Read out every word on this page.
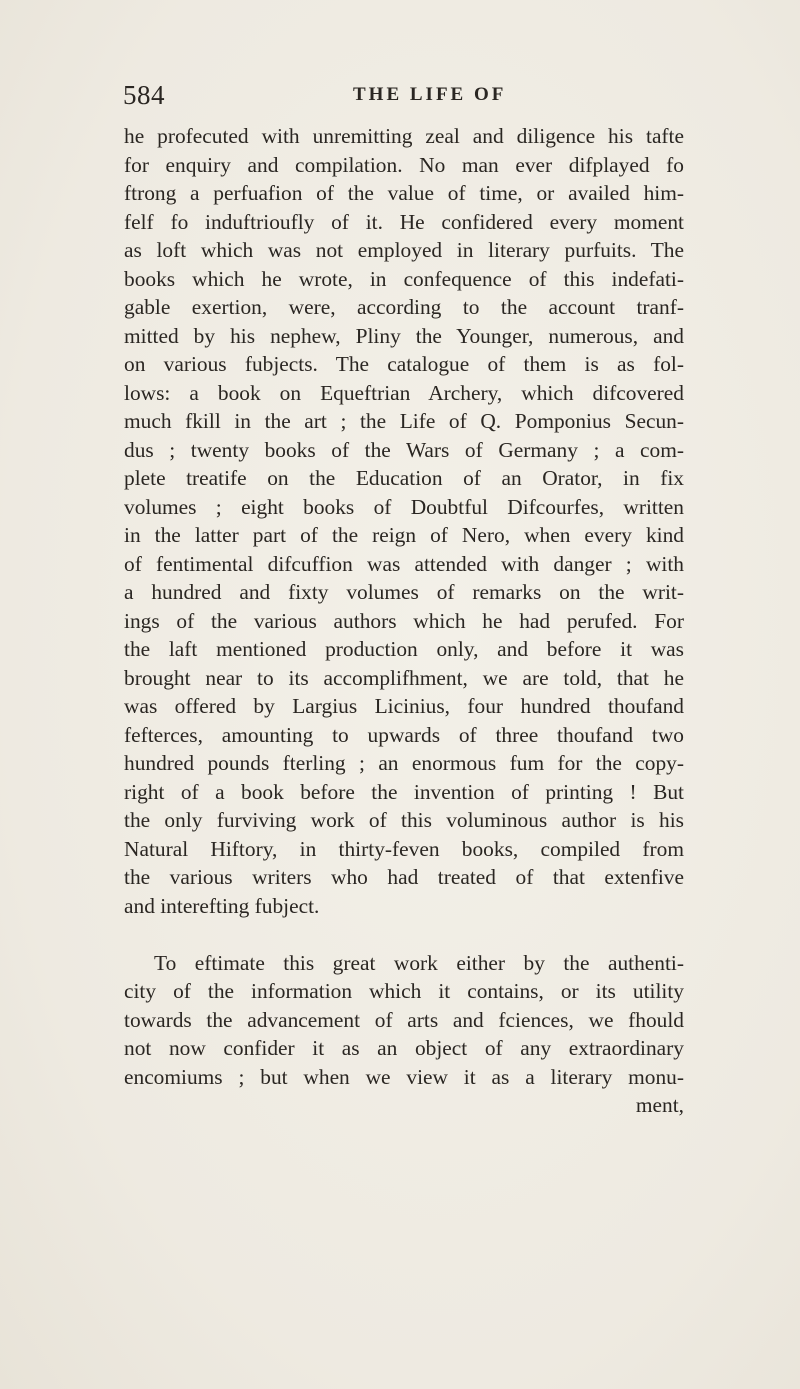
584	THE LIFE OF
he profecuted with unremitting zeal and diligence his tafte
for enquiry and compilation. No man ever difplayed fo
ftrong a perfuafion of the value of time, or availed him-
felf fo induftrioufly of it. He confidered every moment
as loft which was not employed in literary purfuits. The
books which he wrote, in confequence of this indefati-
gable exertion, were, according to the account tranf-
mitted by his nephew, Pliny the Younger, numerous, and
on various fubjects. The catalogue of them is as fol-
lows: a book on Equeftrian Archery, which difcovered
much fkill in the art ; the Life of Q. Pomponius Secun-
dus ; twenty books of the Wars of Germany ; a com-
plete treatife on the Education of an Orator, in fix
volumes ; eight books of Doubtful Difcourfes, written
in the latter part of the reign of Nero, when every kind
of fentimental difcuffion was attended with danger ; with
a hundred and fixty volumes of remarks on the writ-
ings of the various authors which he had perufed. For
the laft mentioned production only, and before it was
brought near to its accomplifhment, we are told, that he
was offered by Largius Licinius, four hundred thoufand
fefterces, amounting to upwards of three thoufand two
hundred pounds fterling ; an enormous fum for the copy-
right of a book before the invention of printing ! But
the only furviving work of this voluminous author is his
Natural Hiftory, in thirty-feven books, compiled from
the various writers who had treated of that extenfive
and interefting fubject.
To eftimate this great work either by the authenti-
city of the information which it contains, or its utility
towards the advancement of arts and fciences, we fhould
not now confider it as an object of any extraordinary
encomiums ; but when we view it as a literary monu-
ment,
